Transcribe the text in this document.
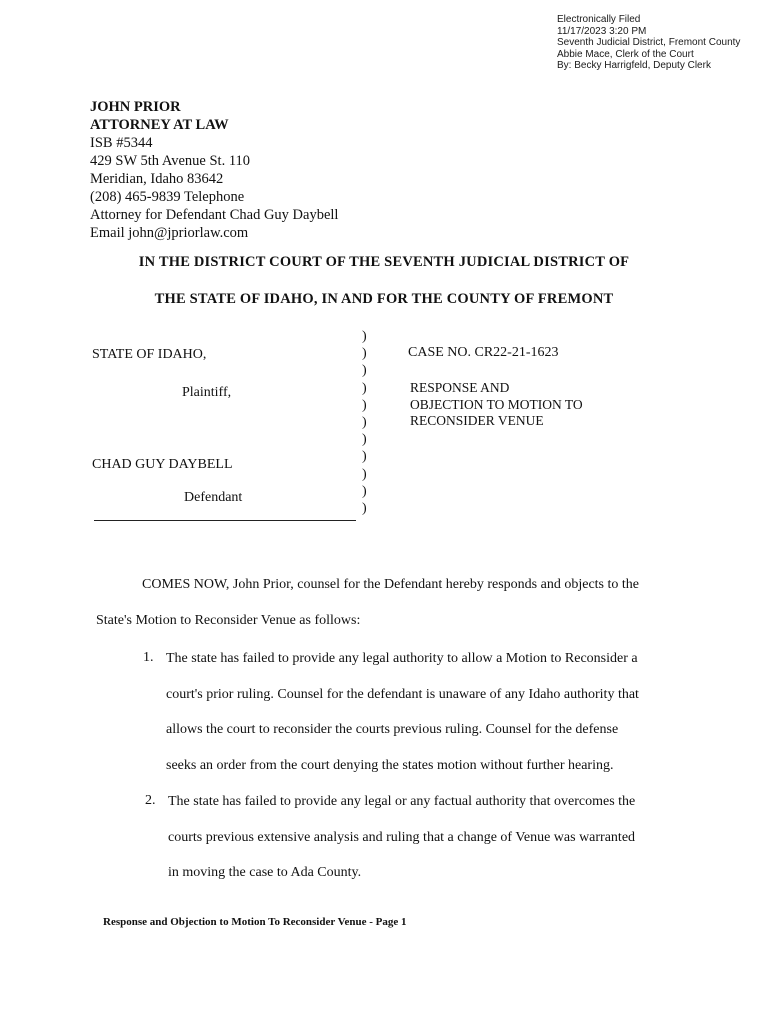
Electronically Filed
11/17/2023 3:20 PM
Seventh Judicial District, Fremont County
Abbie Mace, Clerk of the Court
By: Becky Harrigfeld, Deputy Clerk
JOHN PRIOR
ATTORNEY AT LAW
ISB #5344
429 SW 5th Avenue St. 110
Meridian, Idaho 83642
(208) 465-9839 Telephone
Attorney for Defendant Chad Guy Daybell
Email john@jpriorlaw.com
IN THE DISTRICT COURT OF THE SEVENTH JUDICIAL DISTRICT OF
THE STATE OF IDAHO, IN AND FOR THE COUNTY OF FREMONT
)
)
)
)
)
)
)
)
)
)
)
STATE OF IDAHO,
Plaintiff,
CHAD GUY DAYBELL
Defendant
CASE NO. CR22-21-1623
RESPONSE AND
OBJECTION TO MOTION TO
RECONSIDER VENUE
COMES NOW, John Prior, counsel for the Defendant hereby responds and objects to the
State's Motion to Reconsider Venue as follows:
1. The state has failed to provide any legal authority to allow a Motion to Reconsider a
court's prior ruling. Counsel for the defendant is unaware of any Idaho authority that
allows the court to reconsider the courts previous ruling. Counsel for the defense
seeks an order from the court denying the states motion without further hearing.
2. The state has failed to provide any legal or any factual authority that overcomes the
courts previous extensive analysis and ruling that a change of Venue was warranted
in moving the case to Ada County.
Response and Objection to Motion To Reconsider Venue - Page 1
